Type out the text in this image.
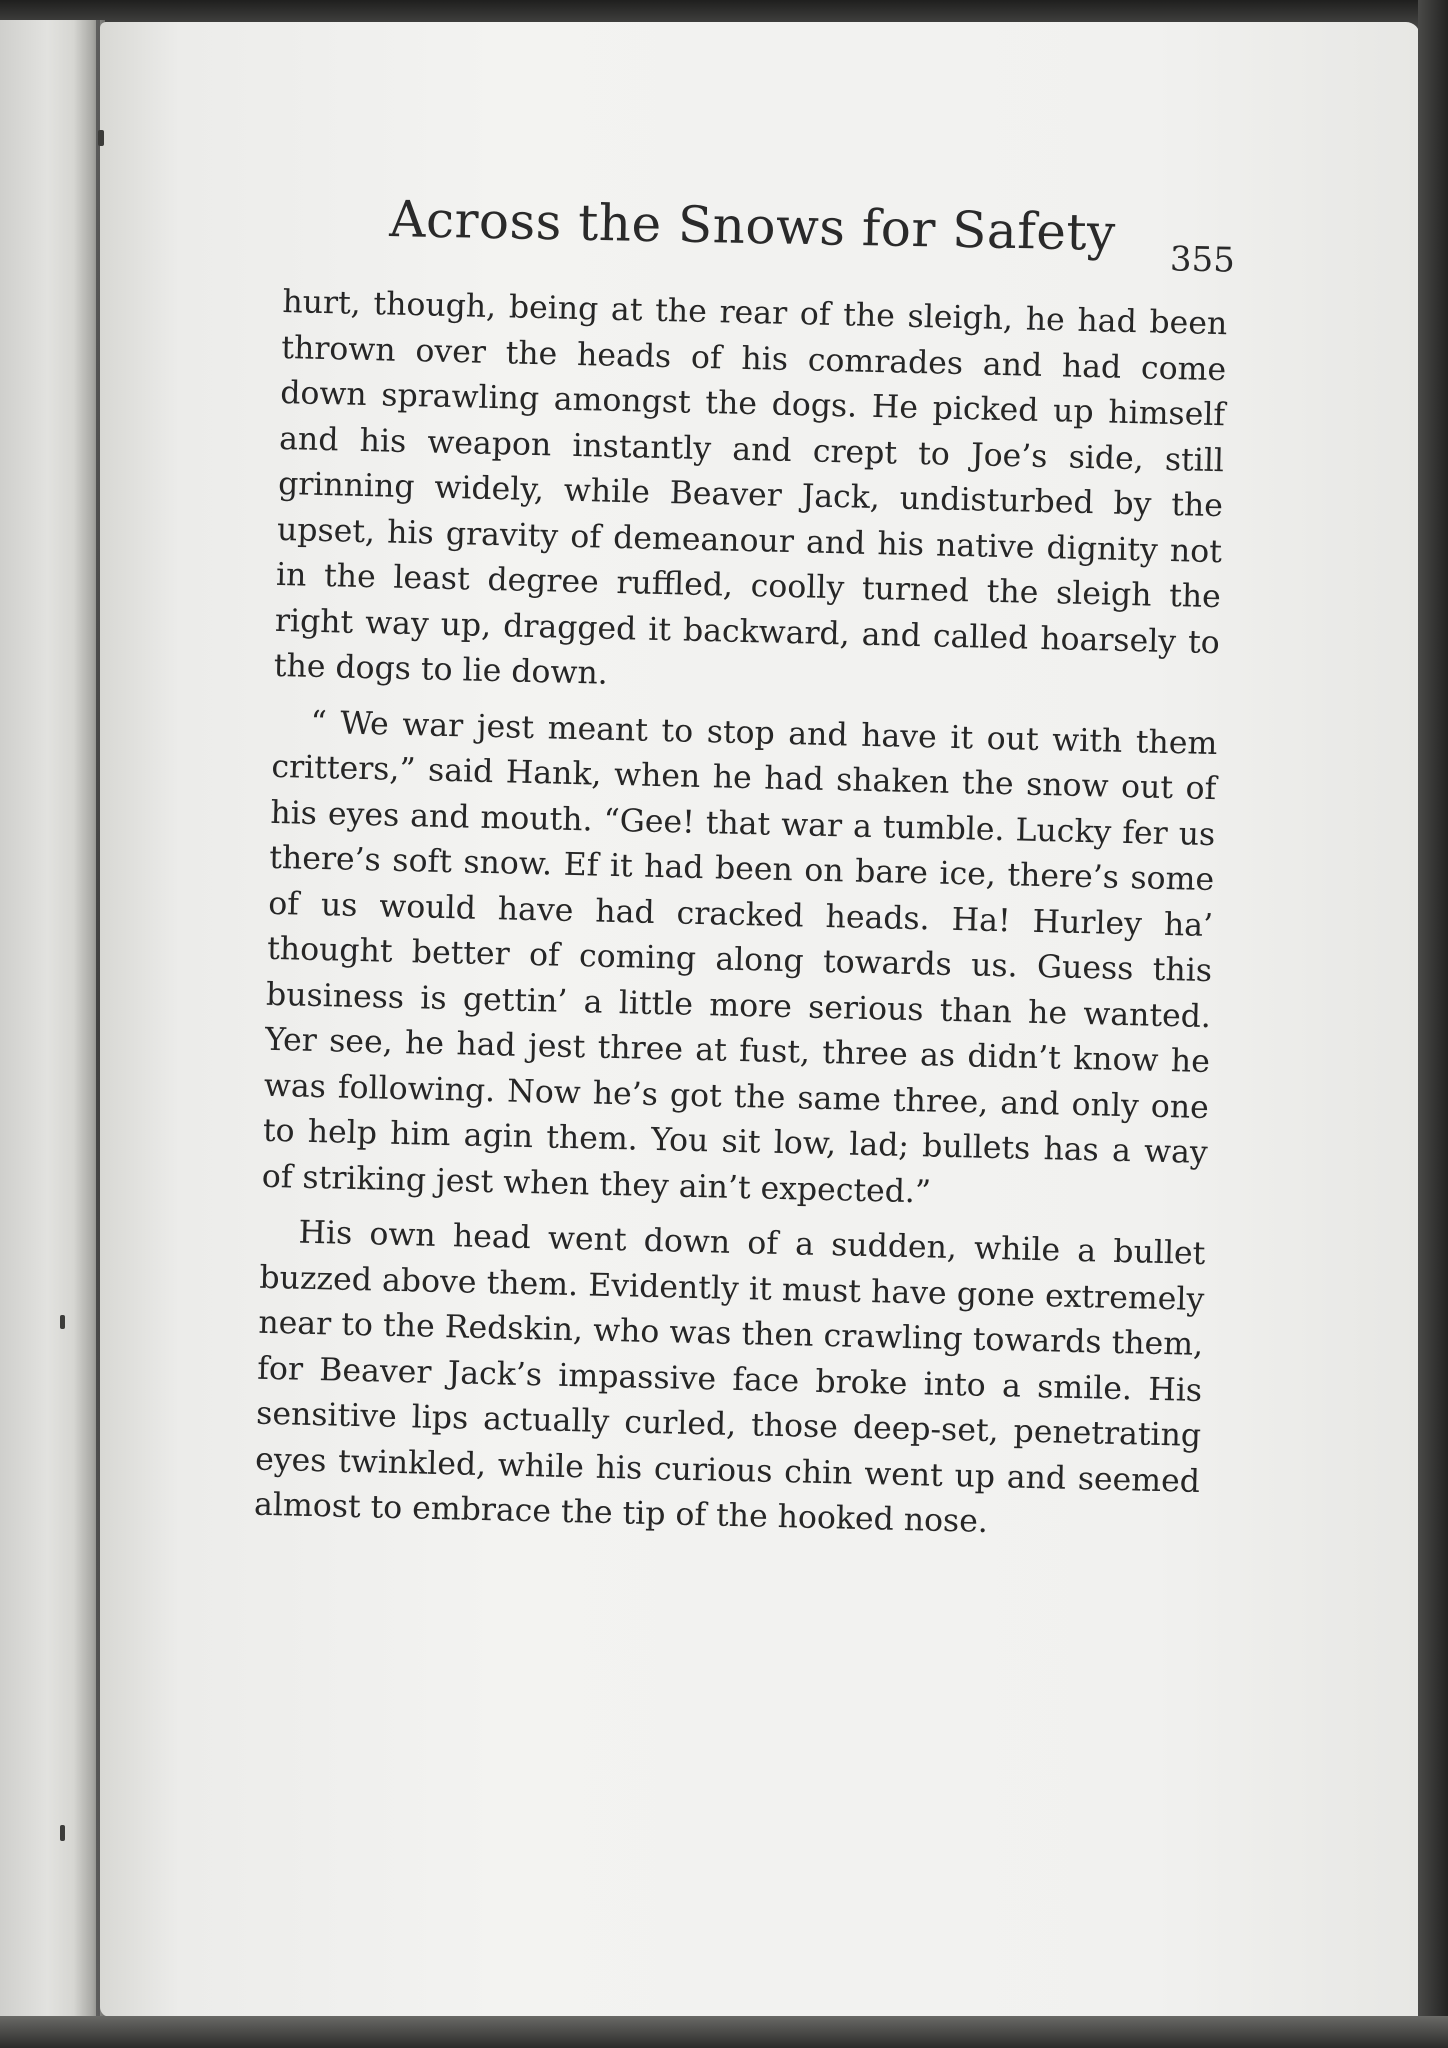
Across the Snows for Safety	355

hurt, though, being at the rear of the sleigh, he had been thrown over the heads of his comrades and had come down sprawling amongst the dogs. He picked up himself and his weapon instantly and crept to Joe’s side, still grinning widely, while Beaver Jack, undisturbed by the upset, his gravity of demeanour and his native dignity not in the least degree ruffled, coolly turned the sleigh the right way up, dragged it backward, and called hoarsely to the dogs to lie down.

“ We war jest meant to stop and have it out with them critters,” said Hank, when he had shaken the snow out of his eyes and mouth. “Gee! that war a tumble. Lucky fer us there’s soft snow. Ef it had been on bare ice, there’s some of us would have had cracked heads. Ha! Hurley ha’ thought better of coming along towards us. Guess this business is gettin’ a little more serious than he wanted. Yer see, he had jest three at fust, three as didn’t know he was following. Now he’s got the same three, and only one to help him agin them. You sit low, lad; bullets has a way of striking jest when they ain’t expected.”

His own head went down of a sudden, while a bullet buzzed above them. Evidently it must have gone extremely near to the Redskin, who was then crawling towards them, for Beaver Jack’s impassive face broke into a smile. His sensitive lips actually curled, those deep-set, penetrating eyes twinkled, while his curious chin went up and seemed almost to embrace the tip of the hooked nose.
